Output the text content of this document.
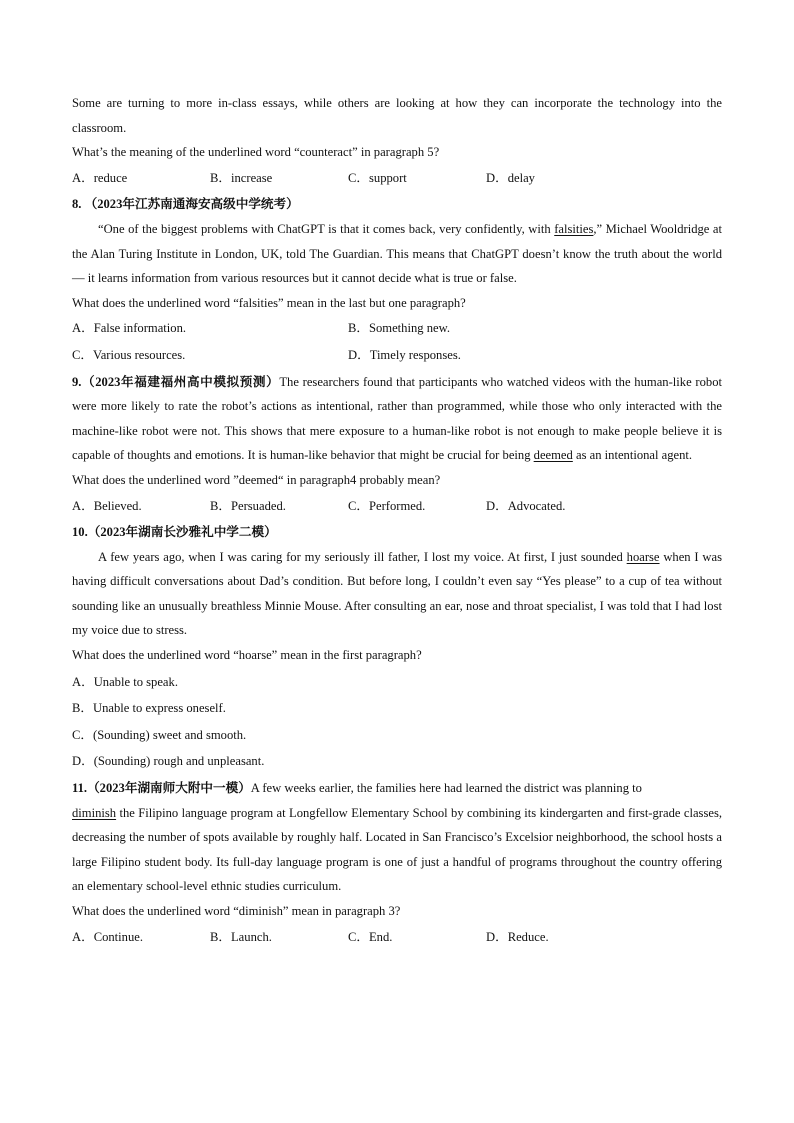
Some are turning to more in-class essays, while others are looking at how they can incorporate the technology into the classroom.

What’s the meaning of the underlined word “counteract” in paragraph 5?

A．reduce	B．increase	C．support	D．delay

8. （2023年江苏南通海安高级中学统考）

“One of the biggest problems with ChatGPT is that it comes back, very confidently, with falsities,” Michael Wooldridge at the Alan Turing Institute in London, UK, told The Guardian. This means that ChatGPT doesn’t know the truth about the world — it learns information from various resources but it cannot decide what is true or false.

What does the underlined word “falsities” mean in the last but one paragraph?

A．False information.	B．Something new.
C．Various resources.	D．Timely responses.

9.（2023年福建福州高中模拟预测）The researchers found that participants who watched videos with the human-like robot were more likely to rate the robot’s actions as intentional, rather than programmed, while those who only interacted with the machine-like robot were not. This shows that mere exposure to a human-like robot is not enough to make people believe it is capable of thoughts and emotions. It is human-like behavior that might be crucial for being deemed as an intentional agent.

What does the underlined word ”deemed“ in paragraph4 probably mean?

A．Believed.	B．Persuaded.	C．Performed.	D．Advocated.

10.（2023年湖南长沙雅礼中学二模）

A few years ago, when I was caring for my seriously ill father, I lost my voice. At first, I just sounded hoarse when I was having difficult conversations about Dad’s condition. But before long, I couldn’t even say “Yes please” to a cup of tea without sounding like an unusually breathless Minnie Mouse. After consulting an ear, nose and throat specialist, I was told that I had lost my voice due to stress.

What does the underlined word “hoarse” mean in the first paragraph?

A．Unable to speak.

B．Unable to express oneself.

C．(Sounding) sweet and smooth.

D．(Sounding) rough and unpleasant.

11.（2023年湖南师大附中一模）A few weeks earlier, the families here had learned the district was planning to
diminish the Filipino language program at Longfellow Elementary School by combining its kindergarten and first-grade classes, decreasing the number of spots available by roughly half. Located in San Francisco’s Excelsior neighborhood, the school hosts a large Filipino student body. Its full-day language program is one of just a handful of programs throughout the country offering an elementary school-level ethnic studies curriculum.

What does the underlined word “diminish” mean in paragraph 3?

A．Continue.	B．Launch.	C．End.	D．Reduce.
